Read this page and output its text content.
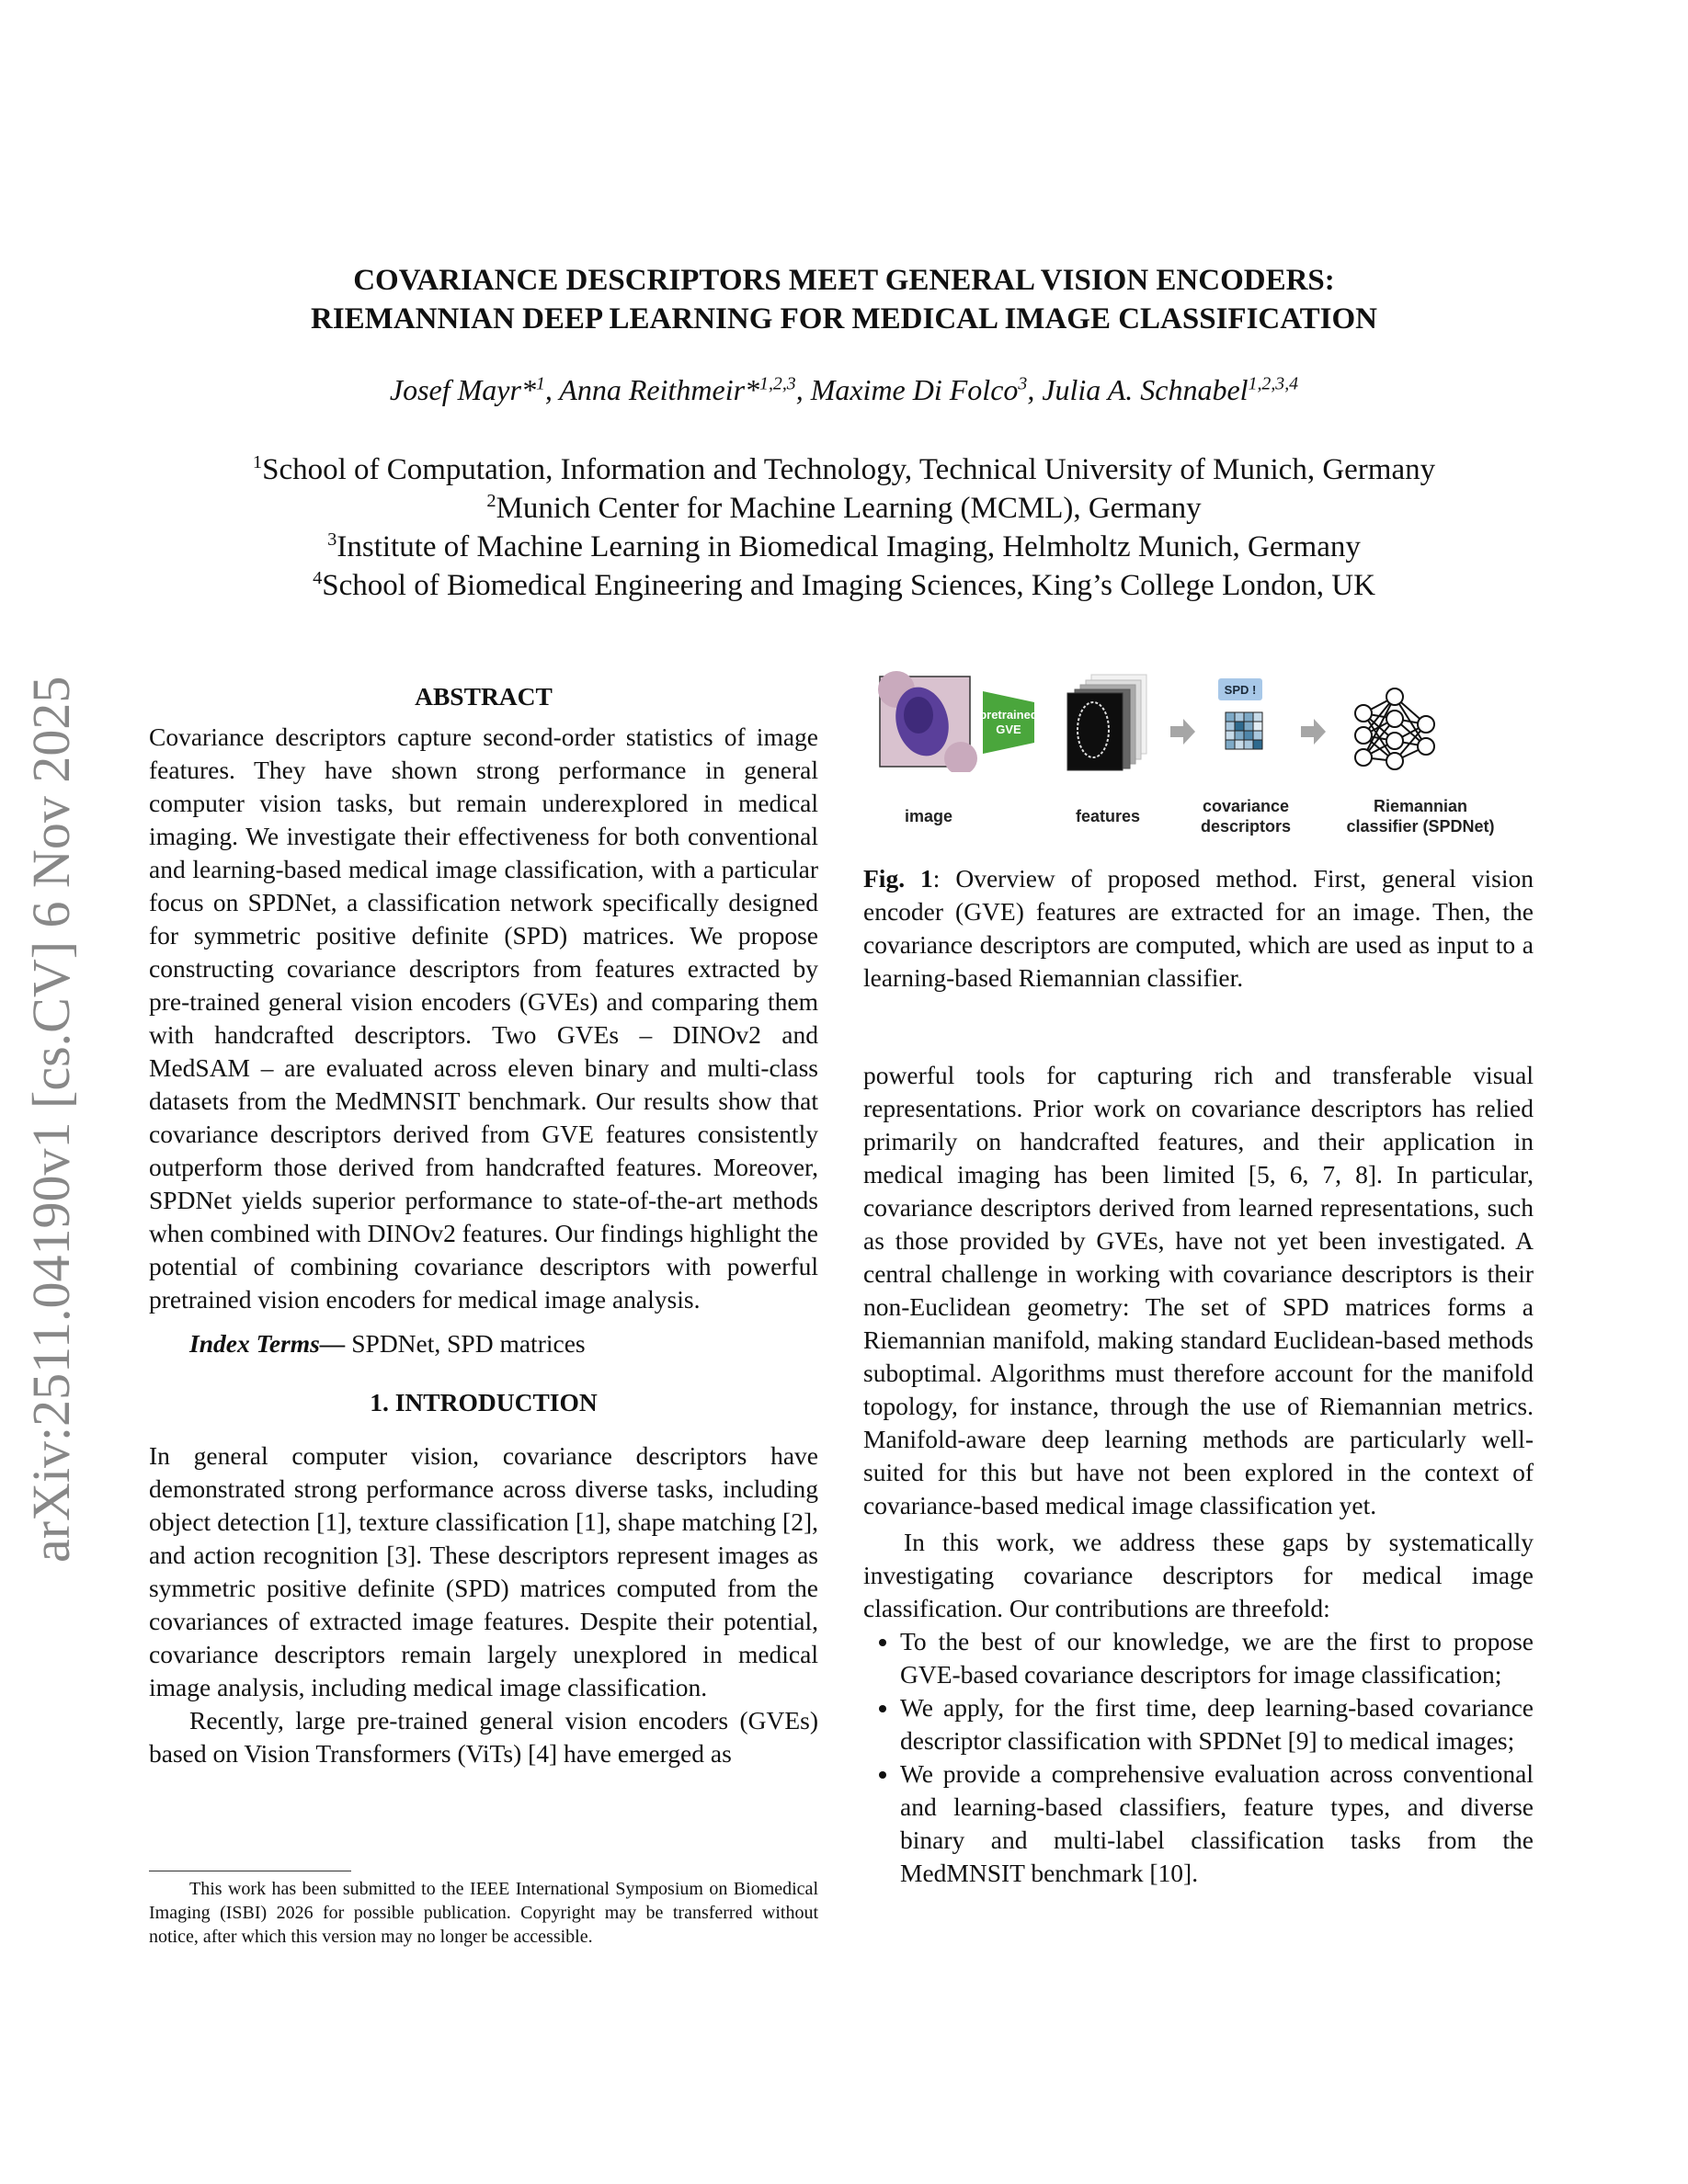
arXiv:2511.04190v1 [cs.CV] 6 Nov 2025
COVARIANCE DESCRIPTORS MEET GENERAL VISION ENCODERS:
RIEMANNIAN DEEP LEARNING FOR MEDICAL IMAGE CLASSIFICATION
Josef Mayr*$^1$, Anna Reithmeir*$^{1,2,3}$, Maxime Di Folco$^3$, Julia A. Schnabel$^{1,2,3,4}$
$^1$School of Computation, Information and Technology, Technical University of Munich, Germany
$^2$Munich Center for Machine Learning (MCML), Germany
$^3$Institute of Machine Learning in Biomedical Imaging, Helmholtz Munich, Germany
$^4$School of Biomedical Engineering and Imaging Sciences, King’s College London, UK
ABSTRACT

Covariance descriptors capture second-order statistics of image features. They have shown strong performance in general computer vision tasks, but remain underexplored in medical imaging. We investigate their effectiveness for both conventional and learning-based medical image classification, with a particular focus on SPDNet, a classification network specifically designed for symmetric positive definite (SPD) matrices. We propose constructing covariance descriptors from features extracted by pre-trained general vision encoders (GVEs) and comparing them with handcrafted descriptors. Two GVEs – DINOv2 and MedSAM – are evaluated across eleven binary and multi-class datasets from the MedMNSIT benchmark. Our results show that covariance descriptors derived from GVE features consistently outperform those derived from handcrafted features. Moreover, SPDNet yields superior performance to state-of-the-art methods when combined with DINOv2 features. Our findings highlight the potential of combining covariance descriptors with powerful pretrained vision encoders for medical image analysis.

Index Terms— SPDNet, SPD matrices

1. INTRODUCTION

In general computer vision, covariance descriptors have demonstrated strong performance across diverse tasks, including object detection [1], texture classification [1], shape matching [2], and action recognition [3]. These descriptors represent images as symmetric positive definite (SPD) matrices computed from the covariances of extracted image features. Despite their potential, covariance descriptors remain largely unexplored in medical image analysis, including medical image classification.

Recently, large pre-trained general vision encoders (GVEs) based on Vision Transformers (ViTs) [4] have emerged as

This work has been submitted to the IEEE International Symposium on Biomedical Imaging (ISBI) 2026 for possible publication. Copyright may be transferred without notice, after which this version may no longer be accessible.
pretrained
GVE
SPD !
image	features
covariance
descriptors
Riemannian
classifier (SPDNet)

Fig. 1: Overview of proposed method. First, general vision encoder (GVE) features are extracted for an image. Then, the covariance descriptors are computed, which are used as input to a learning-based Riemannian classifier.

powerful tools for capturing rich and transferable visual representations. Prior work on covariance descriptors has relied primarily on handcrafted features, and their application in medical imaging has been limited [5, 6, 7, 8]. In particular, covariance descriptors derived from learned representations, such as those provided by GVEs, have not yet been investigated. A central challenge in working with covariance descriptors is their non-Euclidean geometry: The set of SPD matrices forms a Riemannian manifold, making standard Euclidean-based methods suboptimal. Algorithms must therefore account for the manifold topology, for instance, through the use of Riemannian metrics. Manifold-aware deep learning methods are particularly well-suited for this but have not been explored in the context of covariance-based medical image classification yet.

In this work, we address these gaps by systematically investigating covariance descriptors for medical image classification. Our contributions are threefold:

• To the best of our knowledge, we are the first to propose GVE-based covariance descriptors for image classification;
• We apply, for the first time, deep learning-based covariance descriptor classification with SPDNet [9] to medical images;
• We provide a comprehensive evaluation across conventional and learning-based classifiers, feature types, and diverse binary and multi-label classification tasks from the MedMNSIT benchmark [10].
